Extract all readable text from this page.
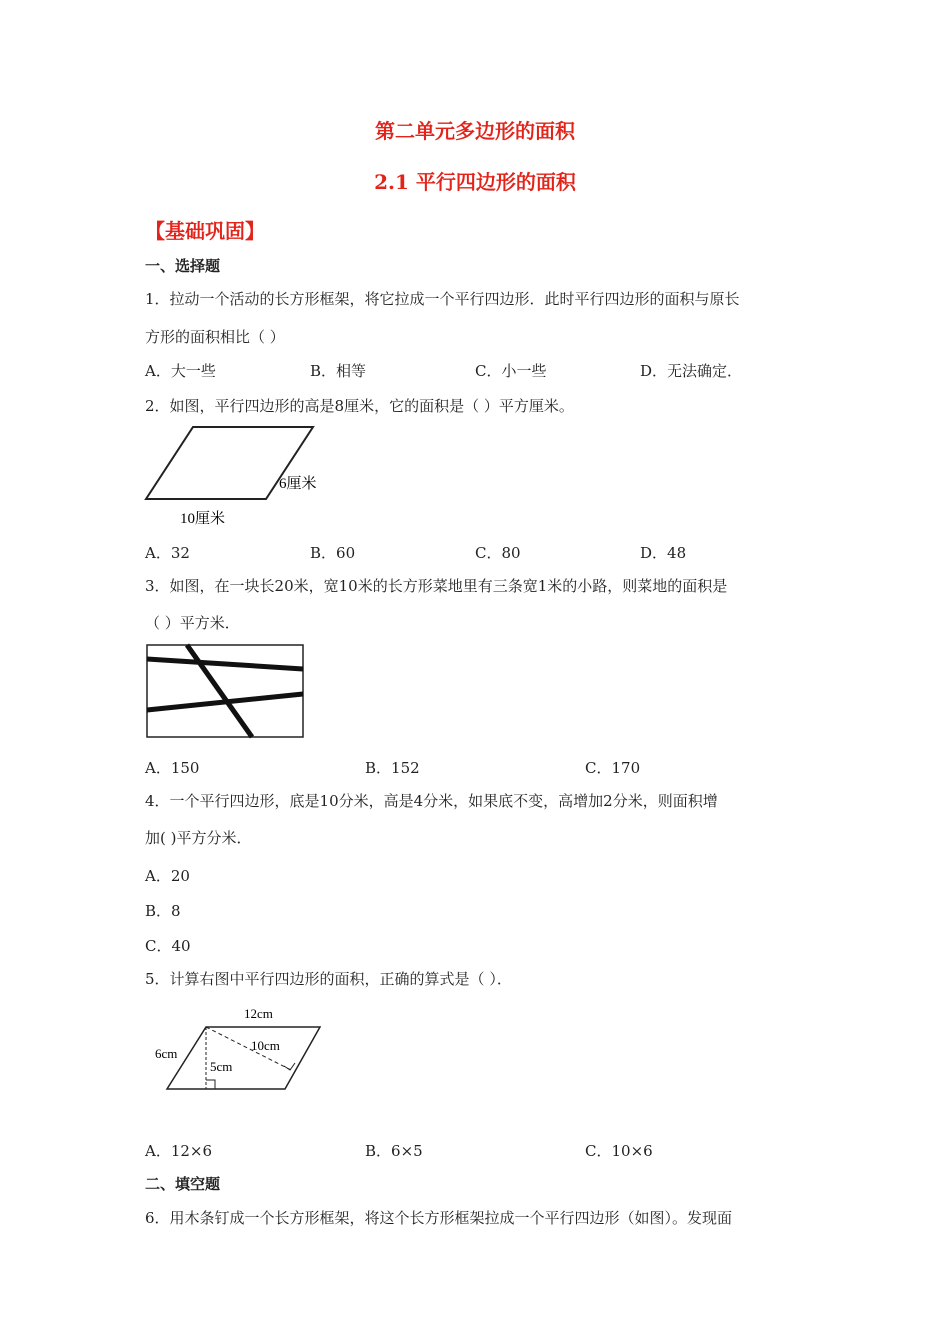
第二单元多边形的面积
2.1 平行四边形的面积
【基础巩固】
一、选择题
1．拉动一个活动的长方形框架，将它拉成一个平行四边形．此时平行四边形的面积与原长
方形的面积相比（ ）
A．大一些	B．相等	C．小一些	D．无法确定．
2．如图，平行四边形的高是8厘米，它的面积是（ ）平方厘米。
6厘米
10厘米
A．32	B．60	C．80	D．48
3．如图，在一块长20米，宽10米的长方形菜地里有三条宽1米的小路，则菜地的面积是
（ ）平方米．
A．150	B．152	C．170
4．一个平行四边形，底是10分米，高是4分米，如果底不变，高增加2分米，则面积增
加( )平方分米．
A．20
B．8
C．40
5．计算右图中平行四边形的面积，正确的算式是（ ）．
12cm
6cm
10cm
5cm
A．12×6	B．6×5	C．10×6
二、填空题
6．用木条钉成一个长方形框架，将这个长方形框架拉成一个平行四边形（如图）。发现面
